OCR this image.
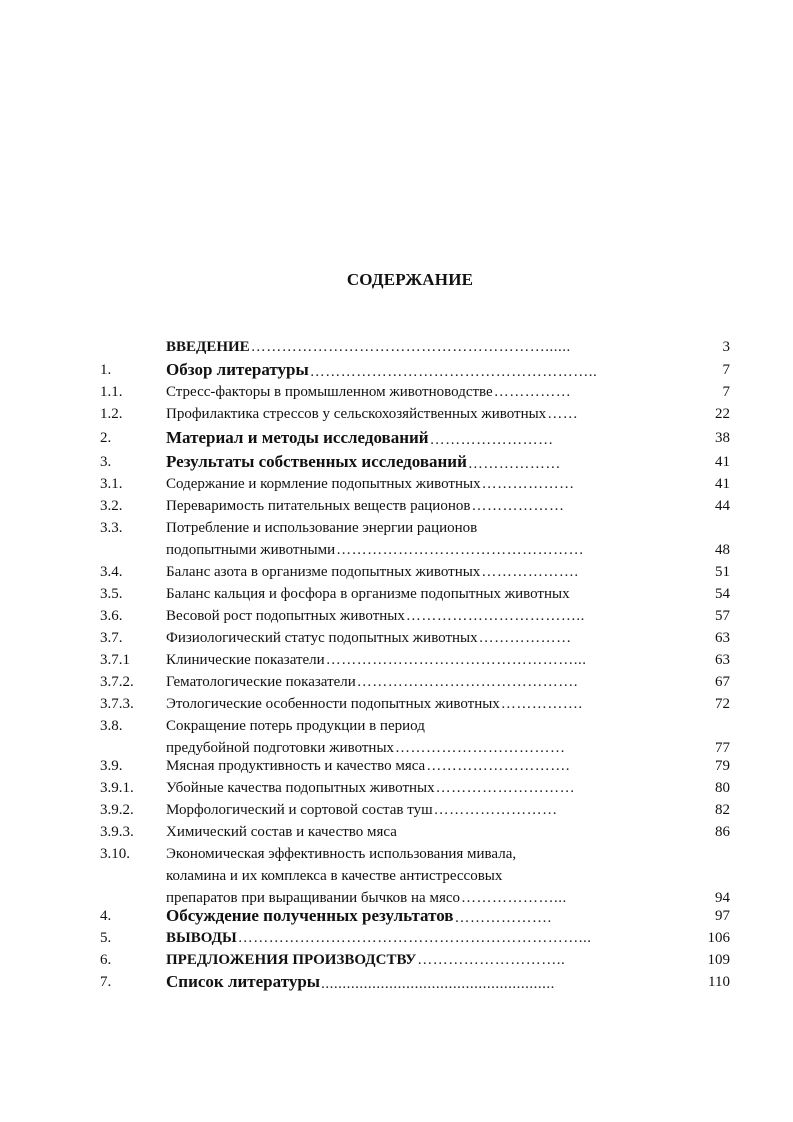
СОДЕРЖАНИЕ
ВВЕДЕНИЕ	3
…………………………………………………......
1.	Обзор литературы	7
………………………………………………..
1.1.	Стресс-факторы в промышленном животноводстве	7
……………
1.2.	Профилактика стрессов у сельскохозяйственных животных	22
……
2.	Материал и методы исследований	38
……………………
3.	Результаты собственных исследований	41
………………
3.1.	Содержание и кормление подопытных животных	41
………………
3.2.	Переваримость питательных веществ рационов	44
………………
3.3.	Потребление и использование энергии рационов
подопытными животными	48
…………………………………………
3.4.	Баланс азота в организме подопытных животных	51
……………….
3.5.	Баланс кальция и фосфора в организме подопытных животных	54
3.6.	Весовой рост подопытных животных	57
……………………………..
3.7.	Физиологический статус подопытных животных	63
………………
3.7.1 Клинические показатели	63
…………………………………………...
3.7.2. Гематологические показатели	67
…………………………………….
3.7.3. Этологические особенности подопытных животных	72
…………….
3.8.	Сокращение потерь продукции в период
предубойной подготовки животных	77
……………………………
3.9.	Мясная продуктивность и качество мяса	79
……………………….
3.9.1. Убойные качества подопытных животных	80
………………………
3.9.2. Морфологический и сортовой состав туш	82
……………………
3.9.3. Химический состав и качество мяса	86
3.10. Экономическая эффективность использования мивала,
коламина и их комплекса в качестве антистрессовых
препаратов при выращивании бычков на мясо	94
………………...
4.	Обсуждение полученных результатов	97
……………….
5.	ВЫВОДЫ	106
…………………………………………………………...
6.	ПРЕДЛОЖЕНИЯ ПРОИЗВОДСТВУ	109
………………………..
7.	Список литературы	110
.......................................................
